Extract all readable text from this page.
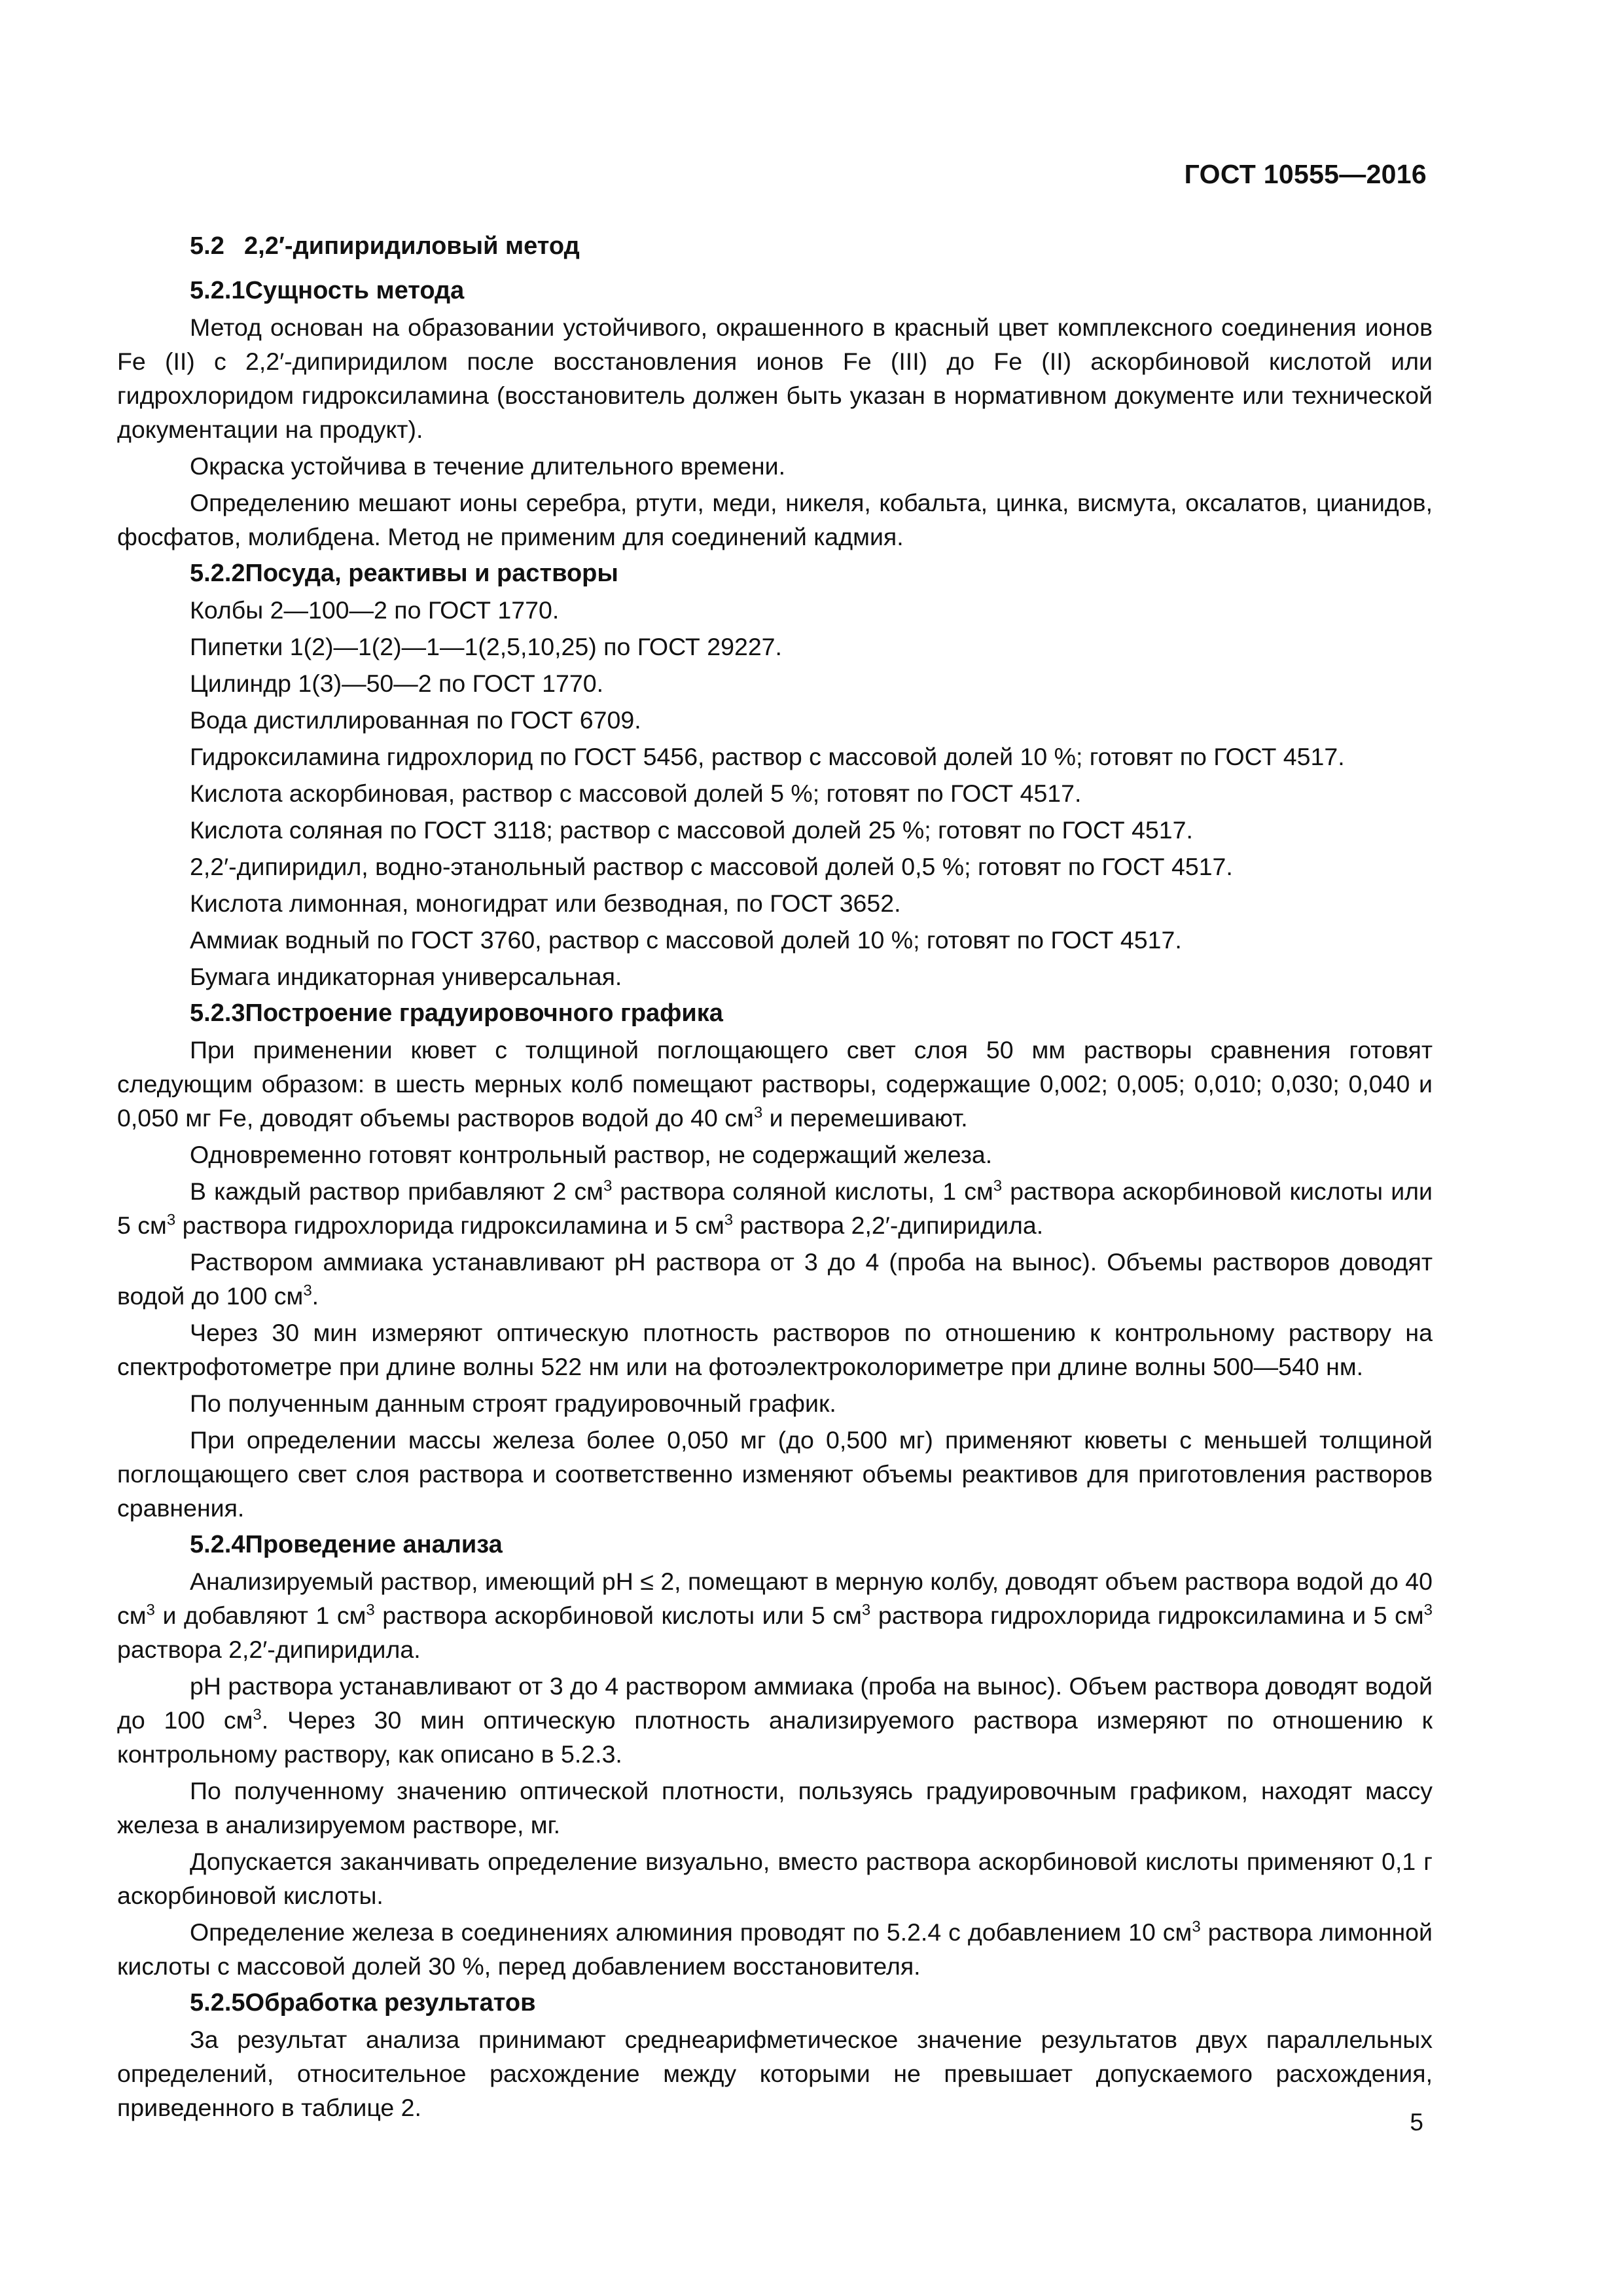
ГОСТ 10555—2016
5.2 2,2′-дипиридиловый метод
5.2.1Сущность метода

Метод основан на образовании устойчивого, окрашенного в красный цвет комплексного соединения ионов Fe (II) с 2,2′-дипиридилом после восстановления ионов Fe (III) до Fe (II) аскорбиновой кислотой или гидрохлоридом гидроксиламина (восстановитель должен быть указан в нормативном документе или технической документации на продукт).

Окраска устойчива в течение длительного времени.

Определению мешают ионы серебра, ртути, меди, никеля, кобальта, цинка, висмута, оксалатов, цианидов, фосфатов, молибдена. Метод не применим для соединений кадмия.

5.2.2Посуда, реактивы и растворы

Колбы 2—100—2 по ГОСТ 1770.

Пипетки 1(2)—1(2)—1—1(2,5,10,25) по ГОСТ 29227.

Цилиндр 1(3)—50—2 по ГОСТ 1770.

Вода дистиллированная по ГОСТ 6709.

Гидроксиламина гидрохлорид по ГОСТ 5456, раствор с массовой долей 10 %; готовят по ГОСТ 4517.

Кислота аскорбиновая, раствор с массовой долей 5 %; готовят по ГОСТ 4517.

Кислота соляная по ГОСТ 3118; раствор с массовой долей 25 %; готовят по ГОСТ 4517.

2,2′-дипиридил, водно-этанольный раствор с массовой долей 0,5 %; готовят по ГОСТ 4517.

Кислота лимонная, моногидрат или безводная, по ГОСТ 3652.

Аммиак водный по ГОСТ 3760, раствор с массовой долей 10 %; готовят по ГОСТ 4517.

Бумага индикаторная универсальная.

5.2.3Построение градуировочного графика

При применении кювет с толщиной поглощающего свет слоя 50 мм растворы сравнения готовят следующим образом: в шесть мерных колб помещают растворы, содержащие 0,002; 0,005; 0,010; 0,030; 0,040 и 0,050 мг Fe, доводят объемы растворов водой до 40 $см^3$ и перемешивают.

Одновременно готовят контрольный раствор, не содержащий железа.

В каждый раствор прибавляют 2 $см^3$ раствора соляной кислоты, 1 $см^3$ раствора аскорбиновой кислоты или 5 $см^3$ раствора гидрохлорида гидроксиламина и 5 $см^3$ раствора 2,2′-дипиридила.

Раствором аммиака устанавливают pH раствора от 3 до 4 (проба на вынос). Объемы растворов доводят водой до 100 $см^3$.

Через 30 мин измеряют оптическую плотность растворов по отношению к контрольному раствору на спектрофотометре при длине волны 522 нм или на фотоэлектроколориметре при длине волны 500—540 нм.

По полученным данным строят градуировочный график.

При определении массы железа более 0,050 мг (до 0,500 мг) применяют кюветы с меньшей толщиной поглощающего свет слоя раствора и соответственно изменяют объемы реактивов для приготовления растворов сравнения.

5.2.4Проведение анализа

Анализируемый раствор, имеющий pH ≤ 2, помещают в мерную колбу, доводят объем раствора водой до 40 $см^3$ и добавляют 1 $см^3$ раствора аскорбиновой кислоты или 5 $см^3$ раствора гидрохлорида гидроксиламина и 5 $см^3$ раствора 2,2′-дипиридила.

pH раствора устанавливают от 3 до 4 раствором аммиака (проба на вынос). Объем раствора доводят водой до 100 $см^3$. Через 30 мин оптическую плотность анализируемого раствора измеряют по отношению к контрольному раствору, как описано в 5.2.3.

По полученному значению оптической плотности, пользуясь градуировочным графиком, находят массу железа в анализируемом растворе, мг.

Допускается заканчивать определение визуально, вместо раствора аскорбиновой кислоты применяют 0,1 г аскорбиновой кислоты.

Определение железа в соединениях алюминия проводят по 5.2.4 с добавлением 10 $см^3$ раствора лимонной кислоты с массовой долей 30 %, перед добавлением восстановителя.

5.2.5Обработка результатов

За результат анализа принимают среднеарифметическое значение результатов двух параллельных определений, относительное расхождение между которыми не превышает допускаемого расхождения, приведенного в таблице 2.

5
